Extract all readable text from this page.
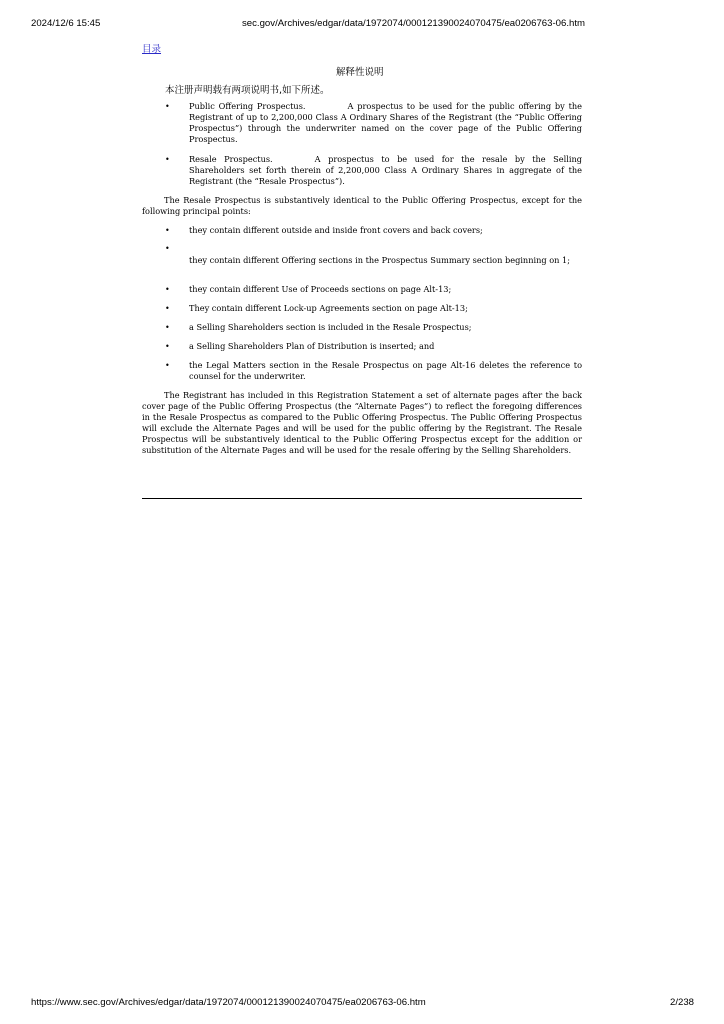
2024/12/6 15:45	sec.gov/Archives/edgar/data/1972074/000121390024070475/ea0206763-06.htm
目录
解释性说明
本注册声明载有两项说明书,如下所述。
• Public Offering Prospectus.	A prospectus to be used for the public offering by the Registrant of up to 2,200,000 Class A Ordinary Shares of the Registrant (the “Public Offering Prospectus”) through the underwriter named on the cover page of the Public Offering Prospectus.
• Resale Prospectus.	A prospectus to be used for the resale by the Selling Shareholders set forth therein of 2,200,000 Class A Ordinary Shares in aggregate of the Registrant (the “Resale Prospectus”).
The Resale Prospectus is substantively identical to the Public Offering Prospectus, except for the following principal points:
• they contain different outside and inside front covers and back covers;
•
they contain different Offering sections in the Prospectus Summary section beginning on 1;
• they contain different Use of Proceeds sections on page Alt-13;
• They contain different Lock-up Agreements section on page Alt-13;
• a Selling Shareholders section is included in the Resale Prospectus;
• a Selling Shareholders Plan of Distribution is inserted; and
• the Legal Matters section in the Resale Prospectus on page Alt-16 deletes the reference to counsel for the underwriter.
The Registrant has included in this Registration Statement a set of alternate pages after the back cover page of the Public Offering Prospectus (the “Alternate Pages”) to reflect the foregoing differences in the Resale Prospectus as compared to the Public Offering Prospectus. The Public Offering Prospectus will exclude the Alternate Pages and will be used for the public offering by the Registrant. The Resale Prospectus will be substantively identical to the Public Offering Prospectus except for the addition or substitution of the Alternate Pages and will be used for the resale offering by the Selling Shareholders.
https://www.sec.gov/Archives/edgar/data/1972074/000121390024070475/ea0206763-06.htm	2/238
